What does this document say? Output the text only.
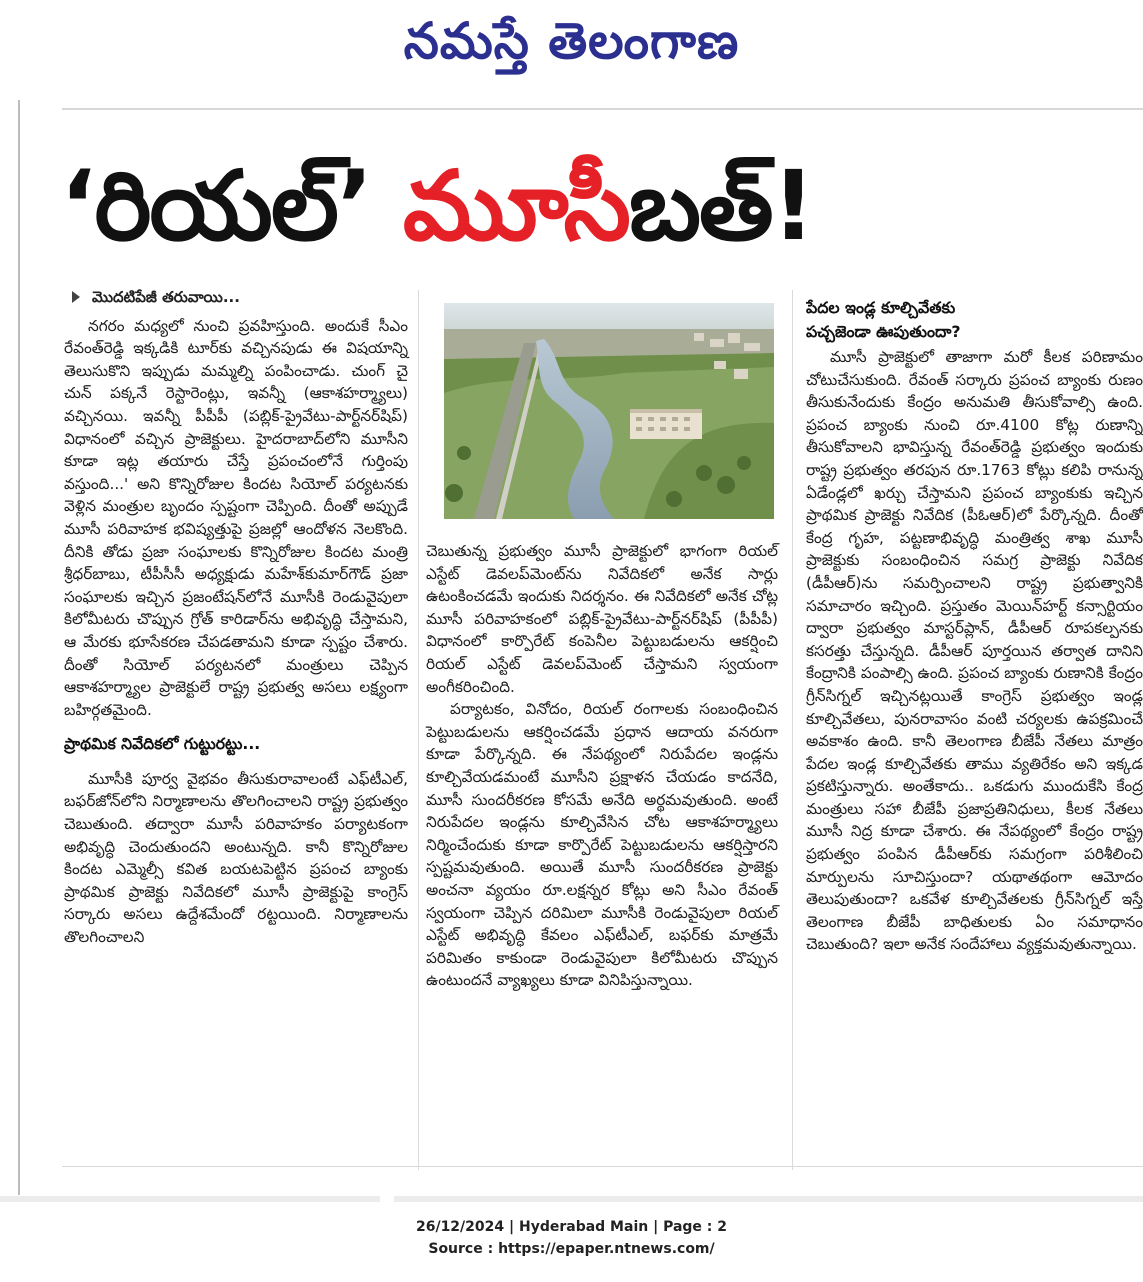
నమస్తే తెలంగాణ
‘రియల్’ మూసీబత్!
మొదటిపేజీ తరువాయి...

నగరం మధ్యలో నుంచి ప్రవహిస్తుంది. అందుకే సీఎం రేవంత్‌రెడ్డి ఇక్కడికి టూర్‌కు వచ్చినపుడు ఈ విషయాన్ని తెలుసుకొని ఇప్పుడు మమ్మల్ని పంపించాడు. చుంగ్ చై చున్ పక్కనే రెస్టారెంట్లు, ఇవన్నీ (ఆకాశహర్మ్యాలు) వచ్చినయి. ఇవన్నీ పీపీపీ (పబ్లిక్-ప్రైవేటు-పార్ట్‌నర్‌షిప్) విధానంలో వచ్చిన ప్రాజెక్టులు. హైదరాబాద్‌లోని మూసీని కూడా ఇట్ల తయారు చేస్తే ప్రపంచంలోనే గుర్తింపు వస్తుంది...' అని కొన్నిరోజుల కిందట సియోల్ పర్యటనకు వెళ్లిన మంత్రుల బృందం స్పష్టంగా చెప్పింది. దీంతో అప్పుడే మూసీ పరివాహక భవిష్యత్తుపై ప్రజల్లో ఆందోళన నెలకొంది. దీనికి తోడు ప్రజా సంఘాలకు కొన్నిరోజుల కిందట మంత్రి శ్రీధర్‌బాబు, టీపీసీసీ అధ్యక్షుడు మహేశ్‌కుమార్‌గౌడ్ ప్రజా సంఘాలకు ఇచ్చిన ప్రజంటేషన్‌లోనే మూసీకి రెండువైపులా కిలోమీటరు చొప్పున గ్రోత్ కారిడార్‌ను అభివృద్ధి చేస్తామని, ఆ మేరకు భూసేకరణ చేపడతామని కూడా స్పష్టం చేశారు. దీంతో సియోల్ పర్యటనలో మంత్రులు చెప్పిన ఆకాశహర్మ్యాల ప్రాజెక్టులే రాష్ట్ర ప్రభుత్వ అసలు లక్ష్యంగా బహిర్గతమైంది.

ప్రాథమిక నివేదికలో గుట్టురట్టు...

మూసీకి పూర్వ వైభవం తీసుకురావాలంటే ఎఫ్‌టీఎల్, బఫర్‌జోన్‌లోని నిర్మాణాలను తొలగించాలని రాష్ట్ర ప్రభుత్వం చెబుతుంది. తద్వారా మూసీ పరివాహకం పర్యాటకంగా అభివృద్ధి చెందుతుందని అంటున్నది. కానీ కొన్నిరోజుల కిందట ఎమ్మెల్సీ కవిత బయటపెట్టిన ప్రపంచ బ్యాంకు ప్రాథమిక ప్రాజెక్టు నివేదికలో మూసీ ప్రాజెక్టుపై కాంగ్రెస్ సర్కారు అసలు ఉద్దేశమేందో రట్టయింది. నిర్మాణాలను తొలగించాలని

చెబుతున్న ప్రభుత్వం మూసీ ప్రాజెక్టులో భాగంగా రియల్ ఎస్టేట్ డెవలప్‌మెంట్‌ను నివేదికలో అనేక సార్లు ఉటంకించడమే ఇందుకు నిదర్శనం. ఈ నివేదికలో అనేక చోట్ల మూసీ పరివాహకంలో పబ్లిక్-ప్రైవేటు-పార్ట్‌నర్‌షిప్ (పీపీపీ) విధానంలో కార్పొరేట్ కంపెనీల పెట్టుబడులను ఆకర్షించి రియల్ ఎస్టేట్ డెవలప్‌మెంట్ చేస్తామని స్వయంగా అంగీకరించింది.

పర్యాటకం, వినోదం, రియల్ రంగాలకు సంబంధించిన పెట్టుబడులను ఆకర్షించడమే ప్రధాన ఆదాయ వనరుగా కూడా పేర్కొన్నది. ఈ నేపథ్యంలో నిరుపేదల ఇండ్లను కూల్చివేయడమంటే మూసీని ప్రక్షాళన చేయడం కాదనేది, మూసీ సుందరీకరణ కోసమే అనేది అర్థమవుతుంది. అంటే నిరుపేదల ఇండ్లను కూల్చివేసిన చోట ఆకాశహర్మ్యాలు నిర్మించేందుకు కూడా కార్పొరేట్ పెట్టుబడులను ఆకర్షిస్తారని స్పష్టమవుతుంది. అయితే మూసీ సుందరీకరణ ప్రాజెక్టు అంచనా వ్యయం రూ.లక్షన్నర కోట్లు అని సీఎం రేవంత్ స్వయంగా చెప్పిన దరిమిలా మూసీకి రెండువైపులా రియల్ ఎస్టేట్ అభివృద్ధి కేవలం ఎఫ్‌టీఎల్, బఫర్‌కు మాత్రమే పరిమితం కాకుండా రెండువైపులా కిలోమీటరు చొప్పున ఉంటుందనే వ్యాఖ్యలు కూడా వినిపిస్తున్నాయి.

పేదల ఇండ్ల కూల్చివేతకు
పచ్చజెండా ఊపుతుందా?

మూసీ ప్రాజెక్టులో తాజాగా మరో కీలక పరిణామం చోటుచేసుకుంది. రేవంత్ సర్కారు ప్రపంచ బ్యాంకు రుణం తీసుకునేందుకు కేంద్రం అనుమతి తీసుకోవాల్సి ఉంది. ప్రపంచ బ్యాంకు నుంచి రూ.4100 కోట్ల రుణాన్ని తీసుకోవాలని భావిస్తున్న రేవంత్‌రెడ్డి ప్రభుత్వం ఇందుకు రాష్ట్ర ప్రభుత్వం తరపున రూ.1763 కోట్లు కలిపి రానున్న ఏడేండ్లలో ఖర్చు చేస్తామని ప్రపంచ బ్యాంకుకు ఇచ్చిన ప్రాథమిక ప్రాజెక్టు నివేదిక (పీఓఆర్)లో పేర్కొన్నది. దీంతో కేంద్ర గృహ, పట్టణాభివృద్ధి మంత్రిత్వ శాఖ మూసీ ప్రాజెక్టుకు సంబంధించిన సమగ్ర ప్రాజెక్టు నివేదిక (డీపీఆర్)ను సమర్పించాలని రాష్ట్ర ప్రభుత్వానికి సమాచారం ఇచ్చింది. ప్రస్తుతం మెయిన్‌హర్ట్ కన్సార్టియం ద్వారా ప్రభుత్వం మాస్టర్‌ప్లాన్, డీపీఆర్ రూపకల్పనకు కసరత్తు చేస్తున్నది. డీపీఆర్ పూర్తయిన తర్వాత దానిని కేంద్రానికి పంపాల్సి ఉంది. ప్రపంచ బ్యాంకు రుణానికి కేంద్రం గ్రీన్‌సిగ్నల్ ఇచ్చినట్లయితే కాంగ్రెస్ ప్రభుత్వం ఇండ్ల కూల్చివేతలు, పునరావాసం వంటి చర్యలకు ఉపక్రమించే అవకాశం ఉంది. కానీ తెలంగాణ బీజేపీ నేతలు మాత్రం పేదల ఇండ్ల కూల్చివేతకు తాము వ్యతిరేకం అని ఇక్కడ ప్రకటిస్తున్నారు. అంతేకాదు.. ఒకడుగు ముందుకేసి కేంద్ర మంత్రులు సహా బీజేపీ ప్రజాప్రతినిధులు, కీలక నేతలు మూసీ నిద్ర కూడా చేశారు. ఈ నేపథ్యంలో కేంద్రం రాష్ట్ర ప్రభుత్వం పంపిన డీపీఆర్‌కు సమగ్రంగా పరిశీలించి మార్పులను సూచిస్తుందా? యథాతథంగా ఆమోదం తెలుపుతుందా? ఒకవేళ కూల్చివేతలకు గ్రీన్‌సిగ్నల్ ఇస్తే తెలంగాణ బీజేపీ బాధితులకు ఏం సమాధానం చెబుతుంది? ఇలా అనేక సందేహాలు వ్యక్తమవుతున్నాయి.

26/12/2024 | Hyderabad Main | Page : 2
Source : https://epaper.ntnews.com/
